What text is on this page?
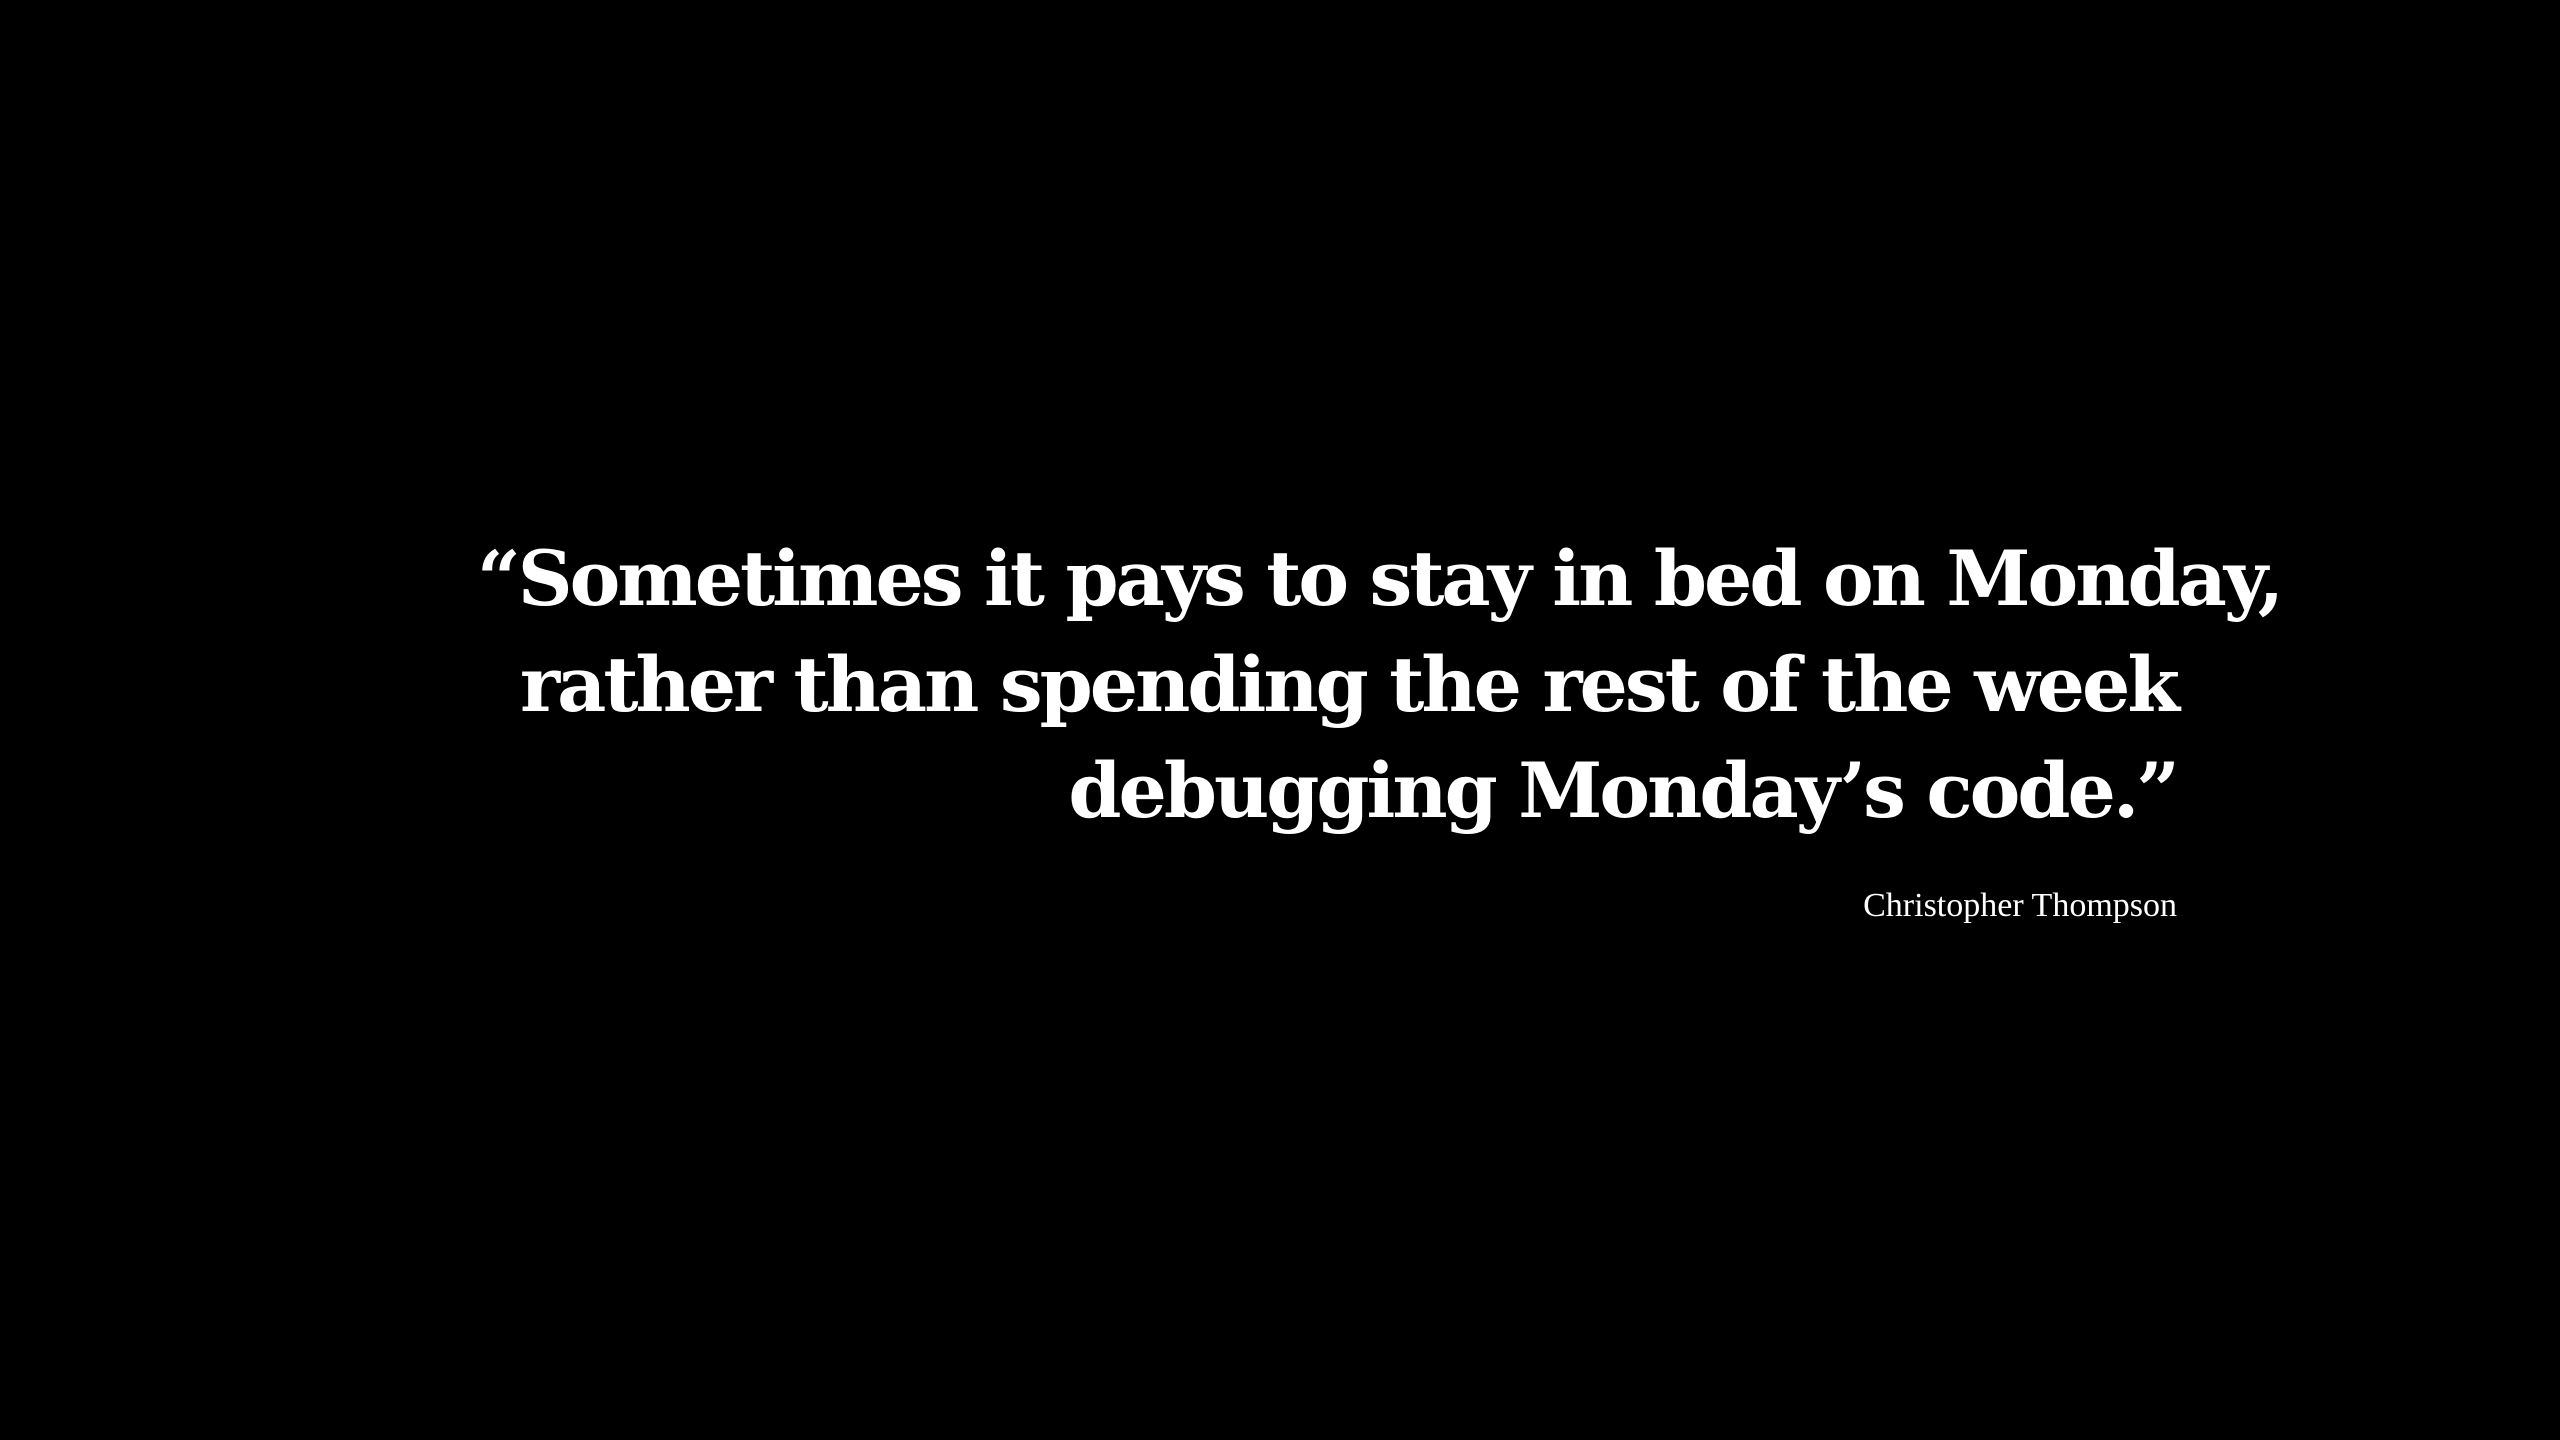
“Sometimes it pays to stay in bed on Monday,
rather than spending the rest of the week
debugging Monday’s code.”
Christopher Thompson
